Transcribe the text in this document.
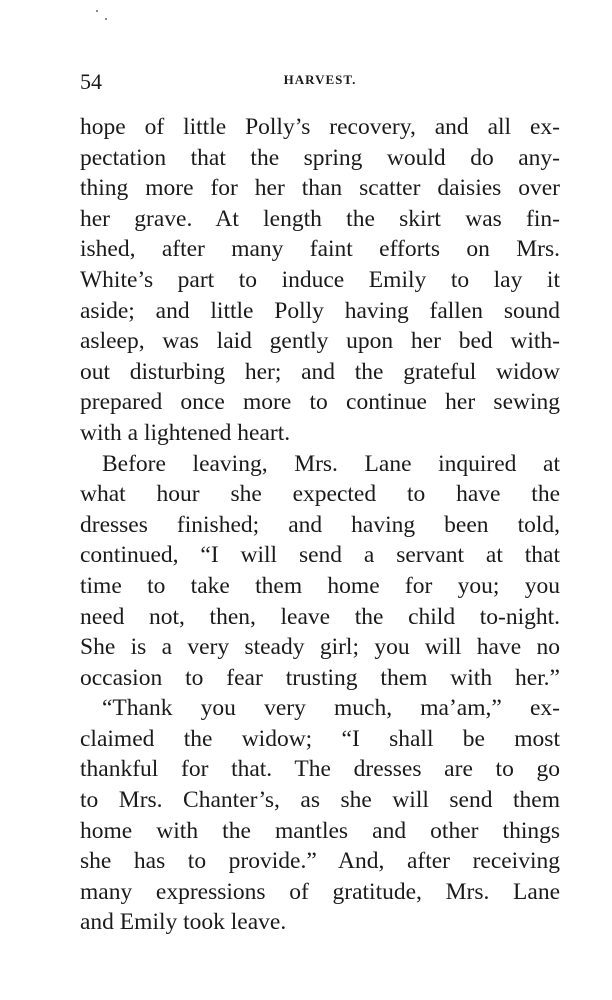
54	HARVEST.
hope of little Polly’s recovery, and all ex-
pectation that the spring would do any-
thing more for her than scatter daisies over
her grave. At length the skirt was fin-
ished, after many faint efforts on Mrs.
White’s part to induce Emily to lay it
aside; and little Polly having fallen sound
asleep, was laid gently upon her bed with-
out disturbing her; and the grateful widow
prepared once more to continue her sewing
with a lightened heart.
Before leaving, Mrs. Lane inquired at
what hour she expected to have the
dresses finished; and having been told,
continued, “I will send a servant at that
time to take them home for you; you
need not, then, leave the child to-night.
She is a very steady girl; you will have no
occasion to fear trusting them with her.”
“Thank you very much, ma’am,” ex-
claimed the widow; “I shall be most
thankful for that. The dresses are to go
to Mrs. Chanter’s, as she will send them
home with the mantles and other things
she has to provide.” And, after receiving
many expressions of gratitude, Mrs. Lane
and Emily took leave.
